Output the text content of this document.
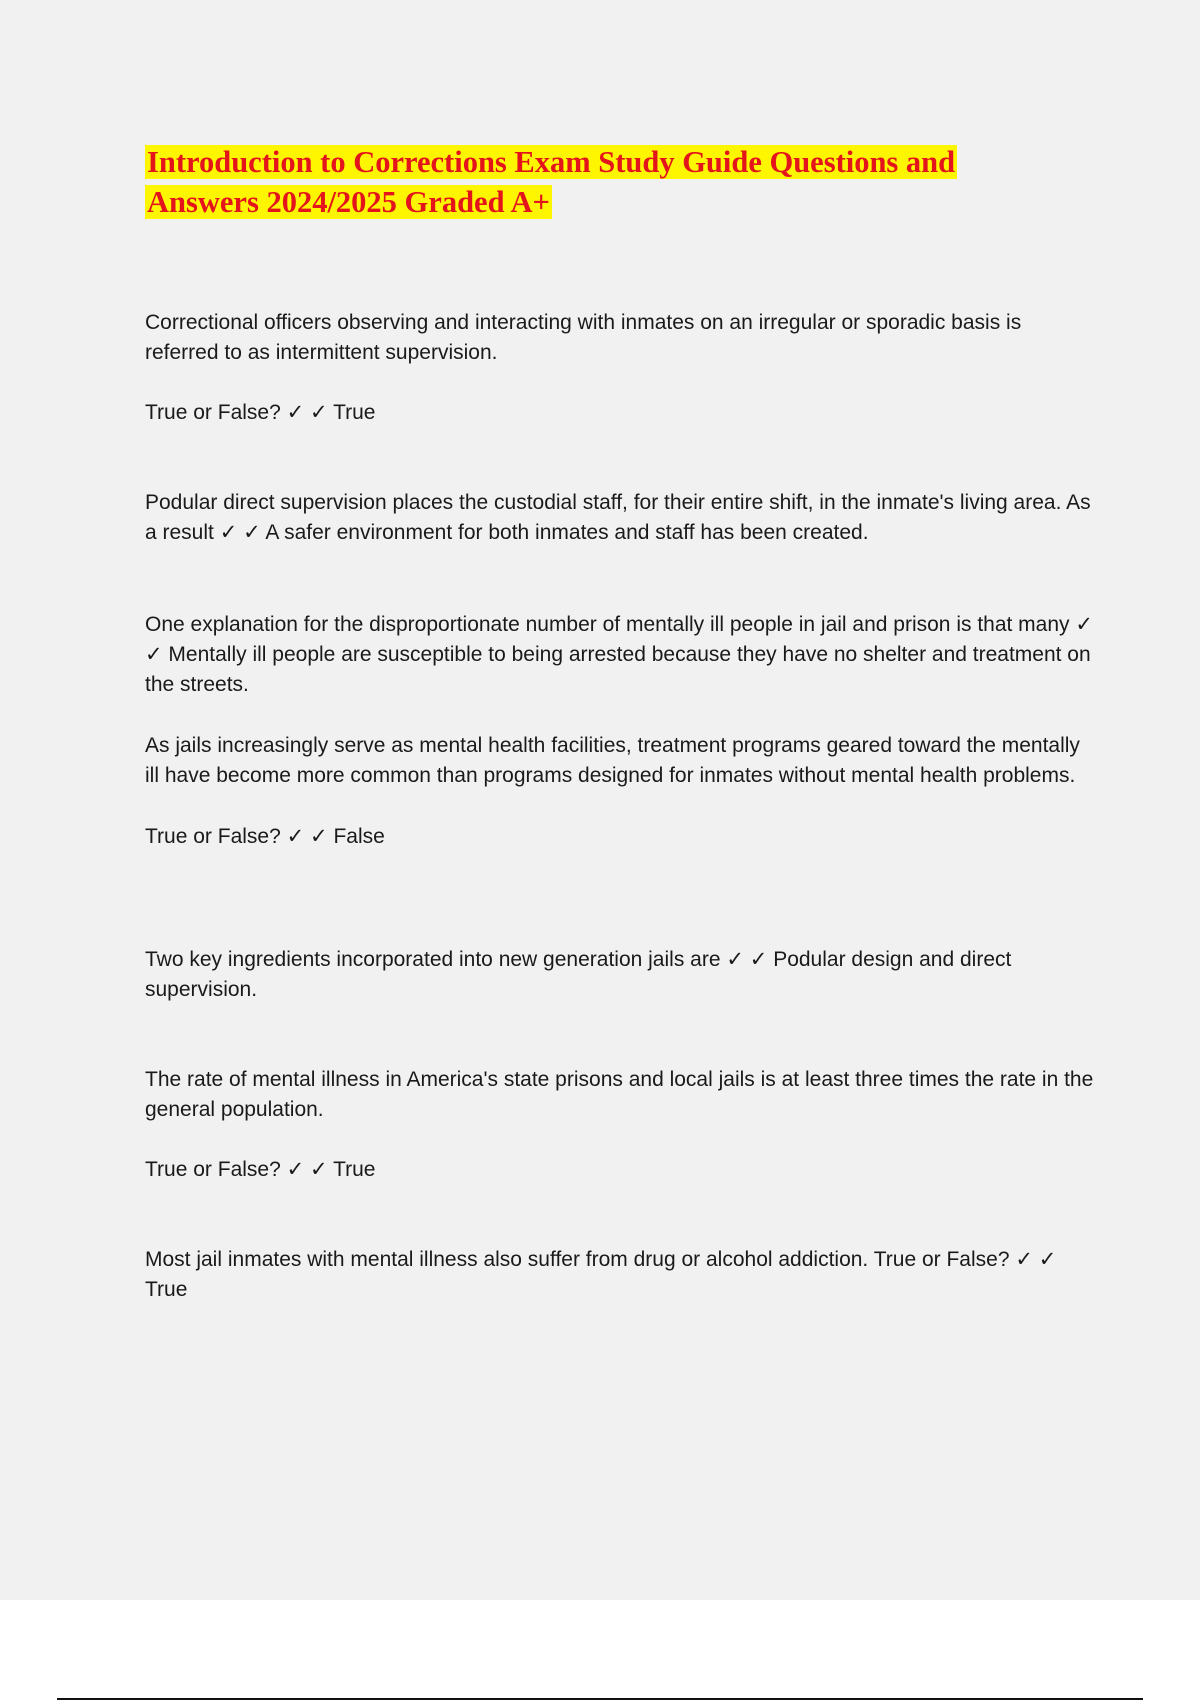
Introduction to Corrections Exam Study Guide Questions and Answers 2024/2025 Graded A+

Correctional officers observing and interacting with inmates on an irregular or sporadic basis is referred to as intermittent supervision.

True or False? ✓ ✓ True

Podular direct supervision places the custodial staff, for their entire shift, in the inmate's living area. As a result ✓ ✓ A safer environment for both inmates and staff has been created.

One explanation for the disproportionate number of mentally ill people in jail and prison is that many ✓ ✓ Mentally ill people are susceptible to being arrested because they have no shelter and treatment on the streets.

As jails increasingly serve as mental health facilities, treatment programs geared toward the mentally ill have become more common than programs designed for inmates without mental health problems.

True or False? ✓ ✓ False

Two key ingredients incorporated into new generation jails are ✓ ✓ Podular design and direct supervision.

The rate of mental illness in America's state prisons and local jails is at least three times the rate in the general population.

True or False? ✓ ✓ True

Most jail inmates with mental illness also suffer from drug or alcohol addiction. True or False? ✓ ✓ True
